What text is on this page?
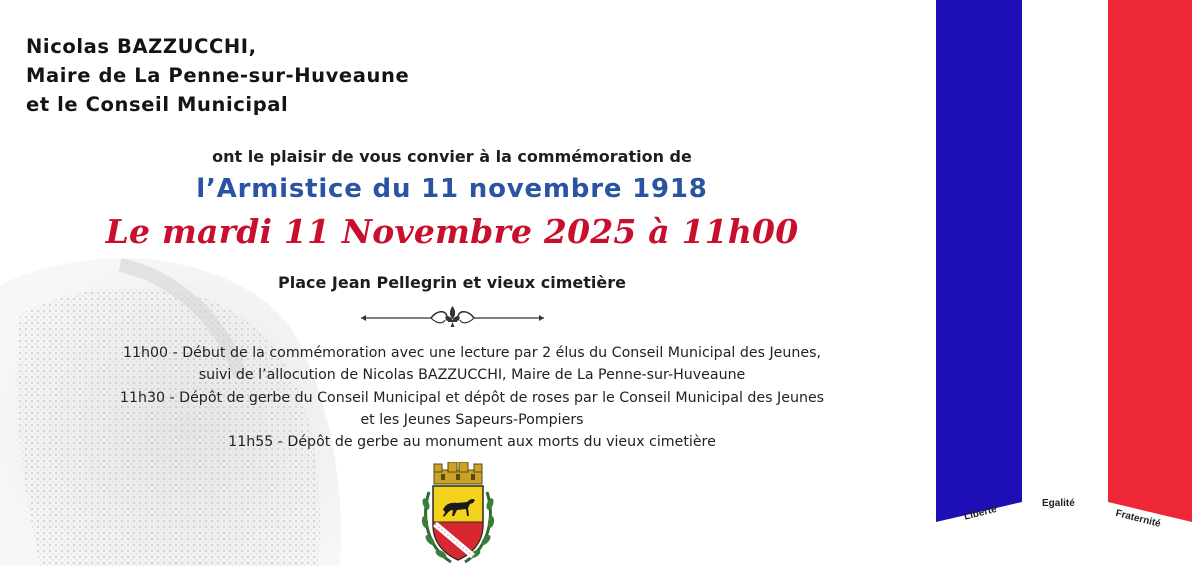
Nicolas BAZZUCCHI,
Maire de La Penne-sur-Huveaune
et le Conseil Municipal
ont le plaisir de vous convier à la commémoration de
l’Armistice du 11 novembre 1918
Le mardi 11 Novembre 2025 à 11h00
Place Jean Pellegrin et vieux cimetière
11h00 - Début de la commémoration avec une lecture par 2 élus du Conseil Municipal des Jeunes,
suivi de l’allocution de Nicolas BAZZUCCHI, Maire de La Penne-sur-Huveaune
11h30 - Dépôt de gerbe du Conseil Municipal et dépôt de roses par le Conseil Municipal des Jeunes
et les Jeunes Sapeurs-Pompiers
11h55 - Dépôt de gerbe au monument aux morts du vieux cimetière
Liberté
Egalité
Fraternité
